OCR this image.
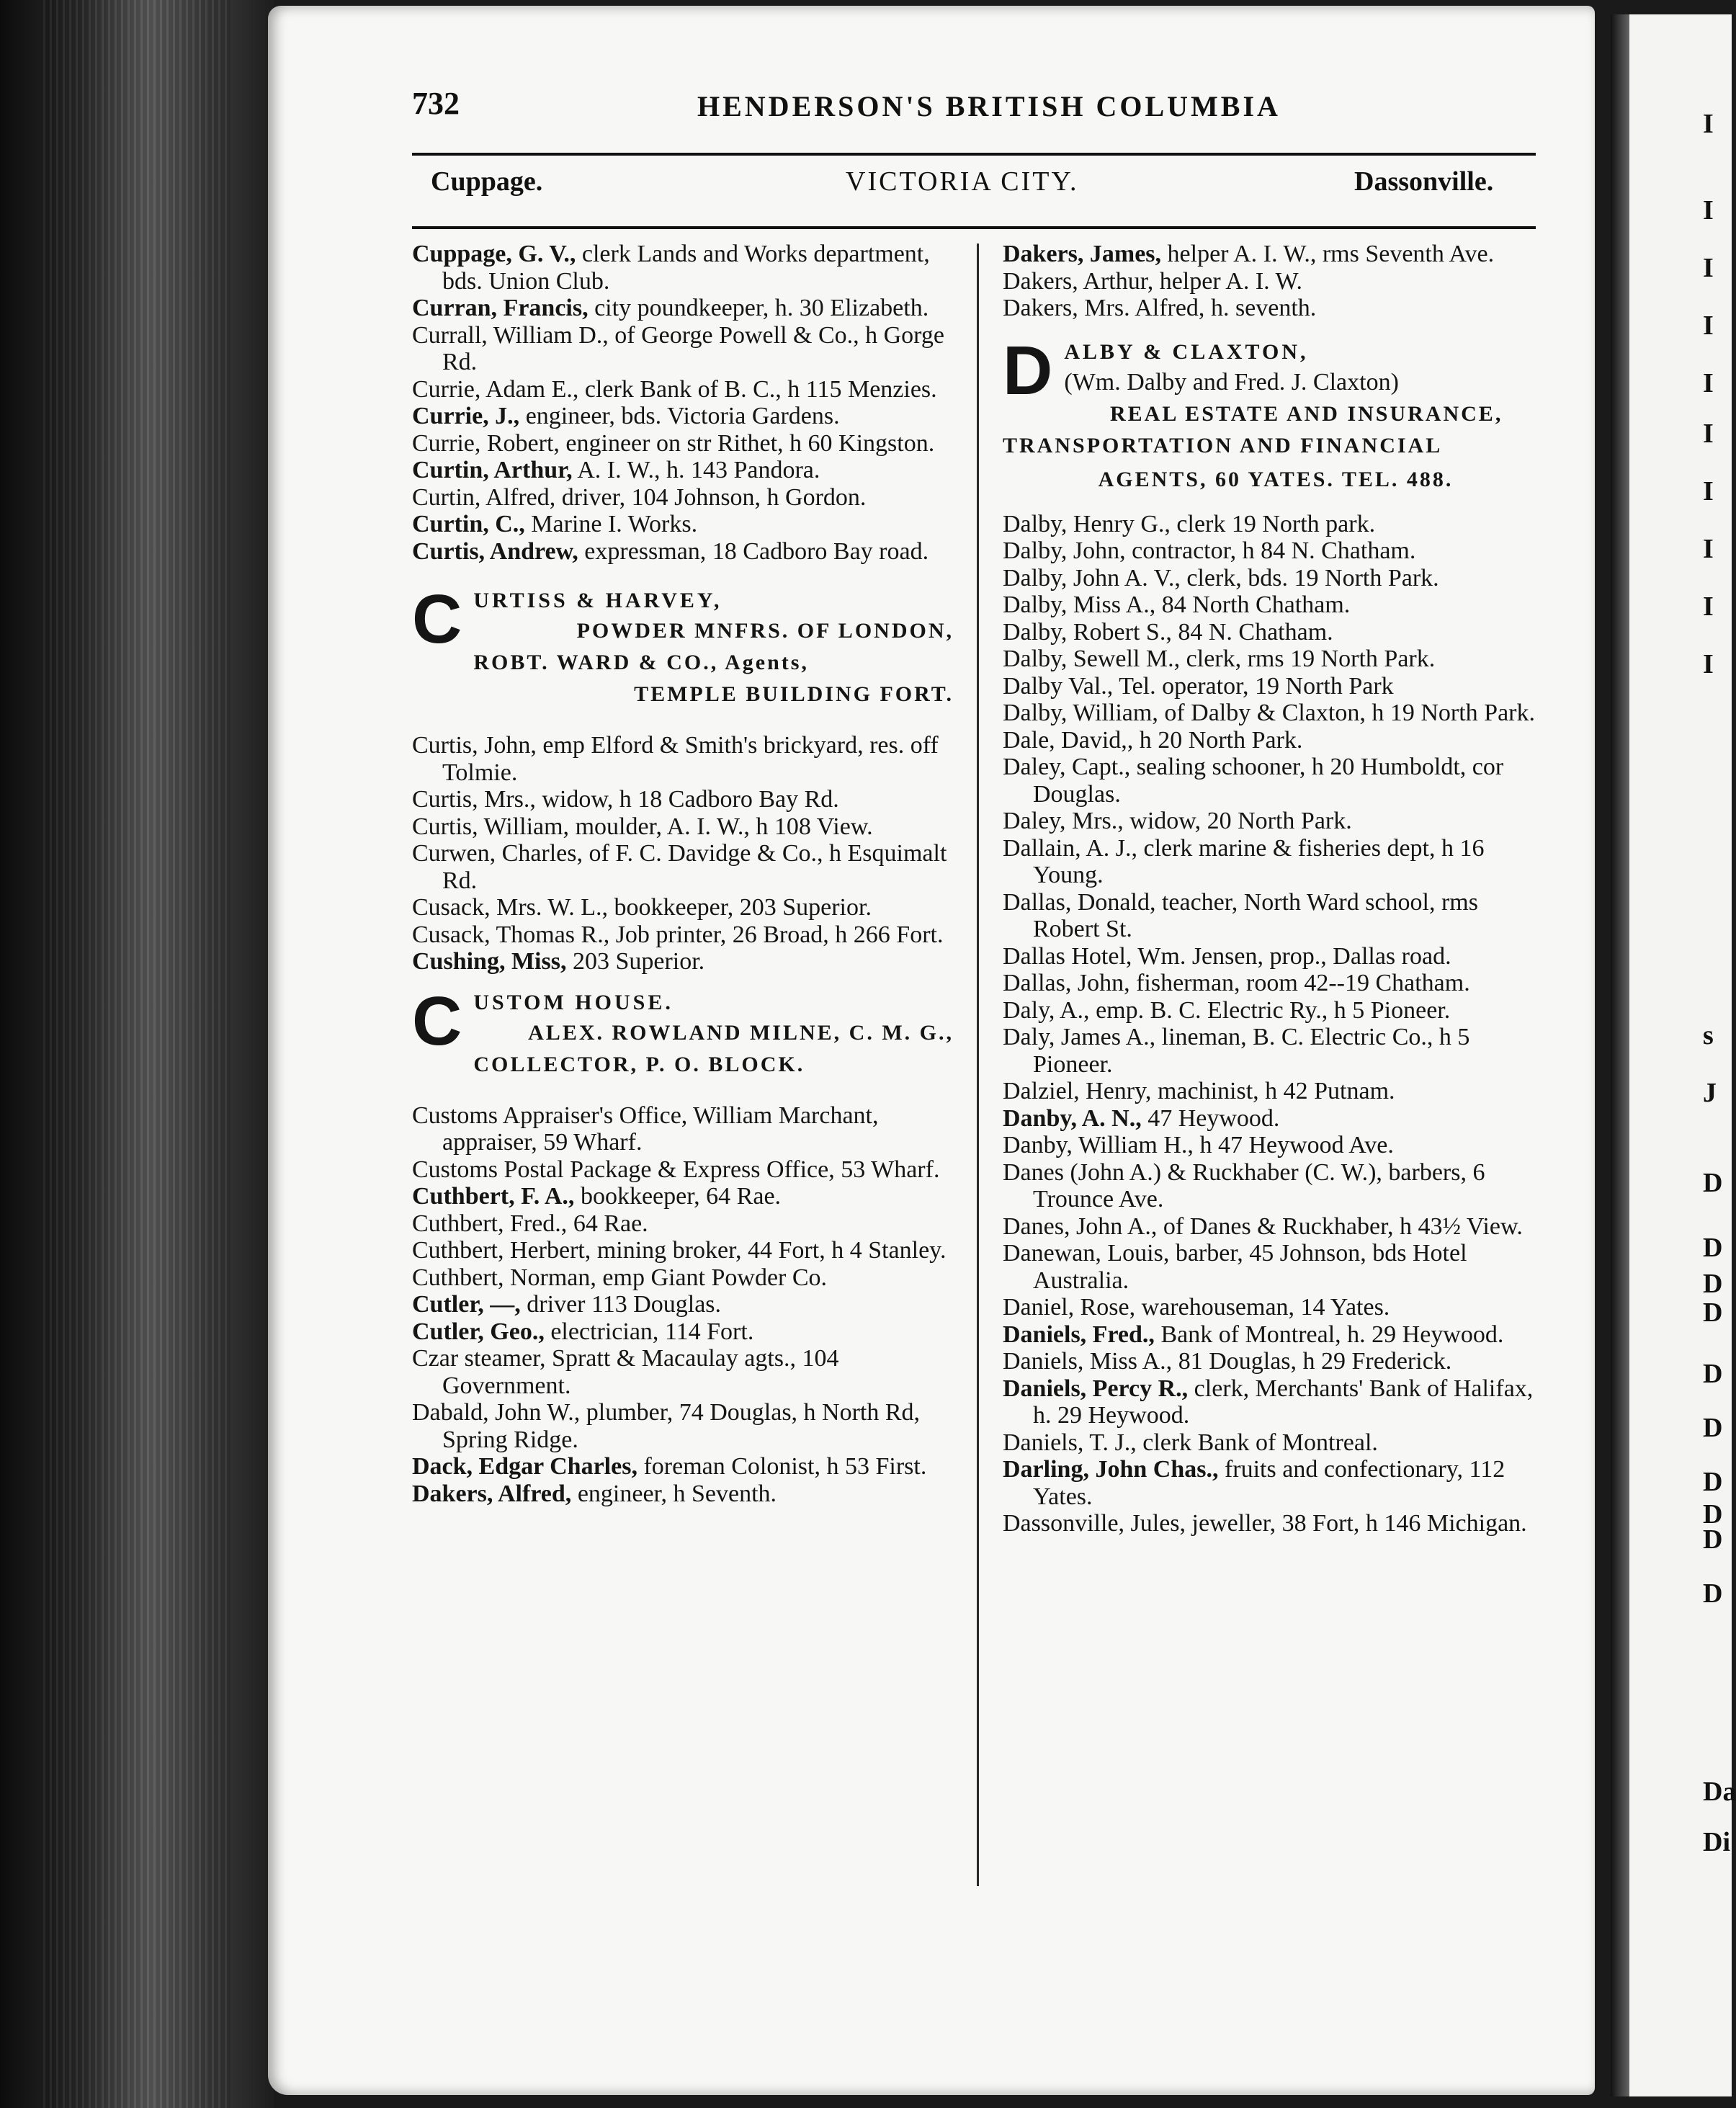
732	HENDERSON'S BRITISH COLUMBIA
Cuppage.	VICTORIA CITY.	Dassonville.
Cuppage, G. V., clerk Lands and Works department, bds. Union Club.
Curran, Francis, city poundkeeper, h. 30 Elizabeth.
Currall, William D., of George Powell & Co., h Gorge Rd.
Currie, Adam E., clerk Bank of B. C., h 115 Menzies.
Currie, J., engineer, bds. Victoria Gardens.
Currie, Robert, engineer on str Rithet, h 60 Kingston.
Curtin, Arthur, A. I. W., h. 143 Pandora.
Curtin, Alfred, driver, 104 Johnson, h Gordon.
Curtin, C., Marine I. Works.
Curtis, Andrew, expressman, 18 Cadboro Bay road.
C URTISS & HARVEY,
POWDER MNFRS. OF LONDON,
ROBT. WARD & CO., Agents,
TEMPLE BUILDING FORT.
Curtis, John, emp Elford & Smith's brickyard, res. off Tolmie.
Curtis, Mrs., widow, h 18 Cadboro Bay Rd.
Curtis, William, moulder, A. I. W., h 108 View.
Curwen, Charles, of F. C. Davidge & Co., h Esquimalt Rd.
Cusack, Mrs. W. L., bookkeeper, 203 Superior.
Cusack, Thomas R., Job printer, 26 Broad, h 266 Fort.
Cushing, Miss, 203 Superior.
C USTOM HOUSE.
ALEX. ROWLAND MILNE, C. M. G.,
COLLECTOR, P. O. BLOCK.
Customs Appraiser's Office, William Marchant, appraiser, 59 Wharf.
Customs Postal Package & Express Office, 53 Wharf.
Cuthbert, F. A., bookkeeper, 64 Rae.
Cuthbert, Fred., 64 Rae.
Cuthbert, Herbert, mining broker, 44 Fort, h 4 Stanley.
Cuthbert, Norman, emp Giant Powder Co.
Cutler, —, driver 113 Douglas.
Cutler, Geo., electrician, 114 Fort.
Czar steamer, Spratt & Macaulay agts., 104 Government.
Dabald, John W., plumber, 74 Douglas, h North Rd, Spring Ridge.
Dack, Edgar Charles, foreman Colonist, h 53 First.
Dakers, Alfred, engineer, h Seventh.
Dakers, James, helper A. I. W., rms Seventh Ave.
Dakers, Arthur, helper A. I. W.
Dakers, Mrs. Alfred, h. seventh.
D ALBY & CLAXTON,
(Wm. Dalby and Fred. J. Claxton)
REAL ESTATE AND INSURANCE,
TRANSPORTATION AND FINANCIAL
AGENTS, 60 YATES. TEL. 488.
Dalby, Henry G., clerk 19 North park.
Dalby, John, contractor, h 84 N. Chatham.
Dalby, John A. V., clerk, bds. 19 North Park.
Dalby, Miss A., 84 North Chatham.
Dalby, Robert S., 84 N. Chatham.
Dalby, Sewell M., clerk, rms 19 North Park.
Dalby Val., Tel. operator, 19 North Park
Dalby, William, of Dalby & Claxton, h 19 North Park.
Dale, David,, h 20 North Park.
Daley, Capt., sealing schooner, h 20 Humboldt, cor Douglas.
Daley, Mrs., widow, 20 North Park.
Dallain, A. J., clerk marine & fisheries dept, h 16 Young.
Dallas, Donald, teacher, North Ward school, rms Robert St.
Dallas Hotel, Wm. Jensen, prop., Dallas road.
Dallas, John, fisherman, room 42--19 Chatham.
Daly, A., emp. B. C. Electric Ry., h 5 Pioneer.
Daly, James A., lineman, B. C. Electric Co., h 5 Pioneer.
Dalziel, Henry, machinist, h 42 Putnam.
Danby, A. N., 47 Heywood.
Danby, William H., h 47 Heywood Ave.
Danes (John A.) & Ruckhaber (C. W.), barbers, 6 Trounce Ave.
Danes, John A., of Danes & Ruckhaber, h 43½ View.
Danewan, Louis, barber, 45 Johnson, bds Hotel Australia.
Daniel, Rose, warehouseman, 14 Yates.
Daniels, Fred., Bank of Montreal, h. 29 Heywood.
Daniels, Miss A., 81 Douglas, h 29 Frederick.
Daniels, Percy R., clerk, Merchants' Bank of Halifax, h. 29 Heywood.
Daniels, T. J., clerk Bank of Montreal.
Darling, John Chas., fruits and confectionary, 112 Yates.
Dassonville, Jules, jeweller, 38 Fort, h 146 Michigan.
I
I
I
I
I
I
I
I
I
I
s
J
D
D
D
D
D
D
D
D
D
D
Da
Di
